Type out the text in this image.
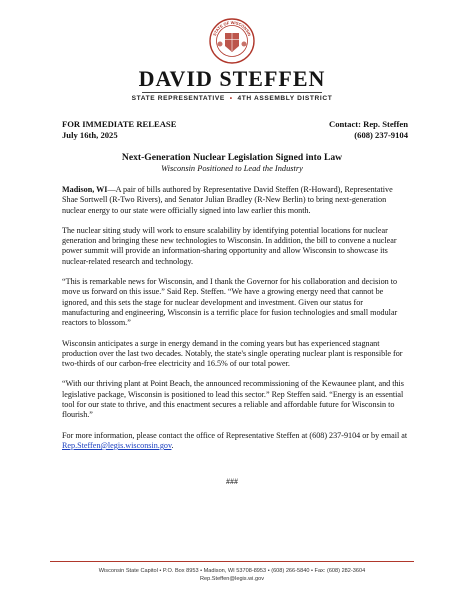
STATE OF WISCONSIN
DAVID STEFFEN
STATE REPRESENTATIVE  •  4TH ASSEMBLY DISTRICT
FOR IMMEDIATE RELEASE	Contact: Rep. Steffen
July 16th, 2025	(608) 237-9104
Next-Generation Nuclear Legislation Signed into Law
Wisconsin Positioned to Lead the Industry

Madison, WI—A pair of bills authored by Representative David Steffen (R-Howard), Representative Shae Sortwell (R-Two Rivers), and Senator Julian Bradley (R-New Berlin) to bring next-generation nuclear energy to our state were officially signed into law earlier this month.

The nuclear siting study will work to ensure scalability by identifying potential locations for nuclear generation and bringing these new technologies to Wisconsin. In addition, the bill to convene a nuclear power summit will provide an information-sharing opportunity and allow Wisconsin to showcase its nuclear-related research and technology.

“This is remarkable news for Wisconsin, and I thank the Governor for his collaboration and decision to move us forward on this issue.” Said Rep. Steffen. “We have a growing energy need that cannot be ignored, and this sets the stage for nuclear development and investment. Given our status for manufacturing and engineering, Wisconsin is a terrific place for fusion technologies and small modular reactors to blossom.”

Wisconsin anticipates a surge in energy demand in the coming years but has experienced stagnant production over the last two decades. Notably, the state's single operating nuclear plant is responsible for two-thirds of our carbon-free electricity and 16.5% of our total power.

“With our thriving plant at Point Beach, the announced recommissioning of the Kewaunee plant, and this legislative package, Wisconsin is positioned to lead this sector.” Rep Steffen said. “Energy is an essential tool for our state to thrive, and this enactment secures a reliable and affordable future for Wisconsin to flourish.”

For more information, please contact the office of Representative Steffen at (608) 237-9104 or by email at Rep.Steffen@legis.wisconsin.gov.

###
Wisconsin State Capitol • P.O. Box 8953 • Madison, WI 53708-8953 • (608) 266-5840 • Fax: (608) 282-3604
Rep.Steffen@legis.wi.gov
